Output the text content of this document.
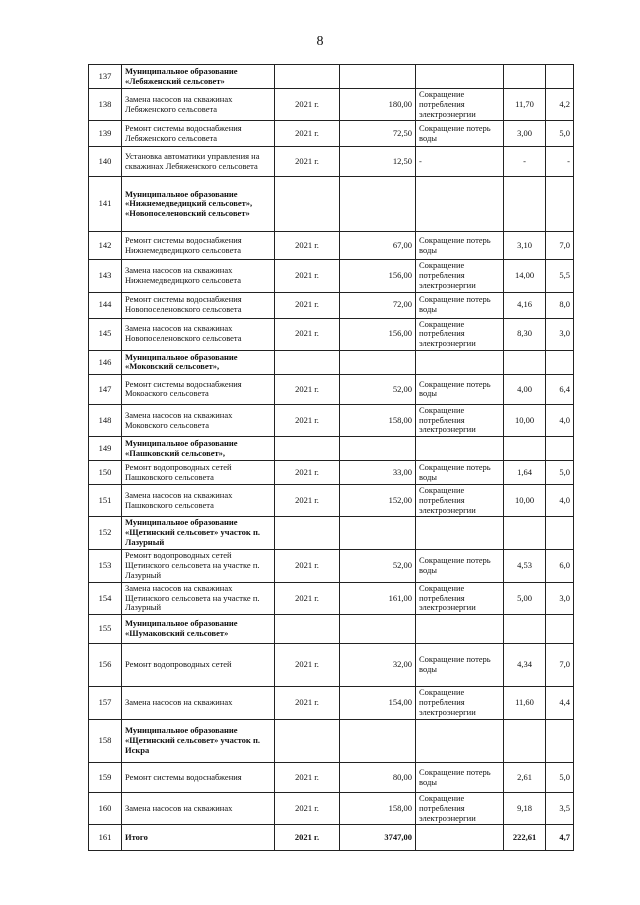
8
137	Муниципальное образование «Лебяженский сельсовет»					
138	Замена насосов на скважинах Лебяженского сельсовета	2021 г.	180,00	Сокращение потребления электроэнергии	11,70	4,2
139	Ремонт системы водоснабжения Лебяженского сельсовета	2021 г.	72,50	Сокращение потерь воды	3,00	5,0
140	Установка автоматики управления на скважинах Лебяженского сельсовета	2021 г.	12,50	-	-	-
141	Муниципальное образование «Нижнемедведицкий сельсовет», «Новопоселеновский сельсовет»					
142	Ремонт системы водоснабжения Нижнемедведицкого сельсовета	2021 г.	67,00	Сокращение потерь воды	3,10	7,0
143	Замена насосов на скважинах Нижнемедведицкого сельсовета	2021 г.	156,00	Сокращение потребления электроэнергии	14,00	5,5
144	Ремонт системы водоснабжения Новопоселеновского сельсовета	2021 г.	72,00	Сокращение потерь воды	4,16	8,0
145	Замена насосов на скважинах Новопоселеновского сельсовета	2021 г.	156,00	Сокращение потребления электроэнергии	8,30	3,0
146	Муниципальное образование «Моковский сельсовет»,					
147	Ремонт системы водоснабжения Мокоаского сельсовета	2021 г.	52,00	Сокращение потерь воды	4,00	6,4
148	Замена насосов на скважинах Моковского сельсовета	2021 г.	158,00	Сокращение потребления электроэнергии	10,00	4,0
149	Муниципальное образование «Пашковский сельсовет»,					
150	Ремонт водопроводных сетей Пашковского сельсовета	2021 г.	33,00	Сокращение потерь воды	1,64	5,0
151	Замена насосов на скважинах Пашковского сельсовета	2021 г.	152,00	Сокращение потребления электроэнергии	10,00	4,0
152	Муниципальное образование «Щетинский сельсовет» участок п. Лазурный					
153	Ремонт водопроводных сетей Щетинского сельсовета на участке п. Лазурный	2021 г.	52,00	Сокращение потерь воды	4,53	6,0
154	Замена насосов на скважинах Щетинского сельсовета на участке п. Лазурный	2021 г.	161,00	Сокращение потребления электроэнергии	5,00	3,0
155	Муниципальное образование «Шумаковский сельсовет»					
156	Ремонт водопроводных сетей	2021 г.	32,00	Сокращение потерь воды	4,34	7,0
157	Замена насосов на скважинах	2021 г.	154,00	Сокращение потребления электроэнергии	11,60	4,4
158	Муниципальное образование «Щетинский сельсовет» участок п. Искра					
159	Ремонт системы водоснабжения	2021 г.	80,00	Сокращение потерь воды	2,61	5,0
160	Замена насосов на скважинах	2021 г.	158,00	Сокращение потребления электроэнергии	9,18	3,5
161	Итого	2021 г.	3747,00		222,61	4,7
